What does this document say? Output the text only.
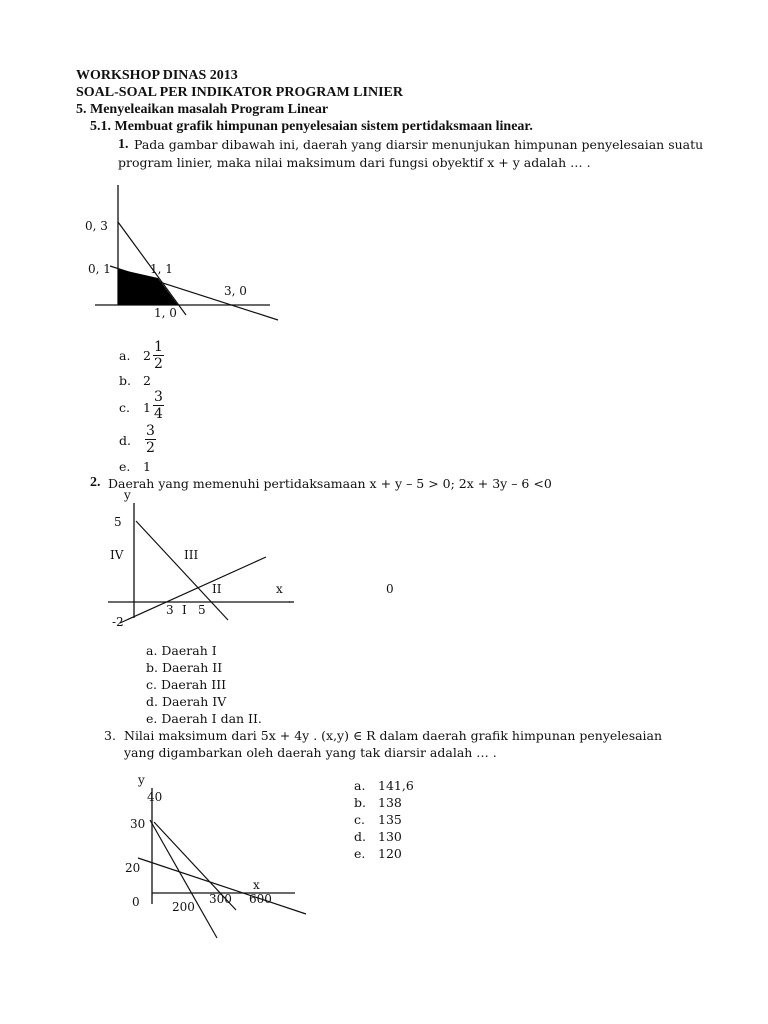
WORKSHOP DINAS 2013
SOAL-SOAL PER INDIKATOR PROGRAM LINIER
5. Menyeleaikan masalah Program Linear
5.1. Membuat grafik himpunan penyelesaian sistem pertidaksmaan linear.
1. Pada gambar dibawah ini, daerah yang diarsir menunjukan himpunan penyelesaian suatu
program linier, maka nilai maksimum dari fungsi obyektif x + y adalah … .
0, 3
0, 1	1, 1
3, 0
1, 0
a. $2 \frac{1}{2}$
b. 2
c. $1 \frac{3}{4}$
d. $\frac{3}{2}$
e. 1
2. Daerah yang memenuhi pertidaksamaan x + y – 5 > 0; 2x + 3y – 6 <0
y
5
IV	III
II	x
-2
3 I 5
0
a. Daerah I
b. Daerah II
c. Daerah III
d. Daerah IV
e. Daerah I dan II.
3. Nilai maksimum dari 5x + 4y . (x,y) ∈ R dalam daerah grafik himpunan penyelesaian
yang digambarkan oleh daerah yang tak diarsir adalah … .
y
40
30
20
x
0	200
300 600
a. 141,6
b. 138
c. 135
d. 130
e. 120
